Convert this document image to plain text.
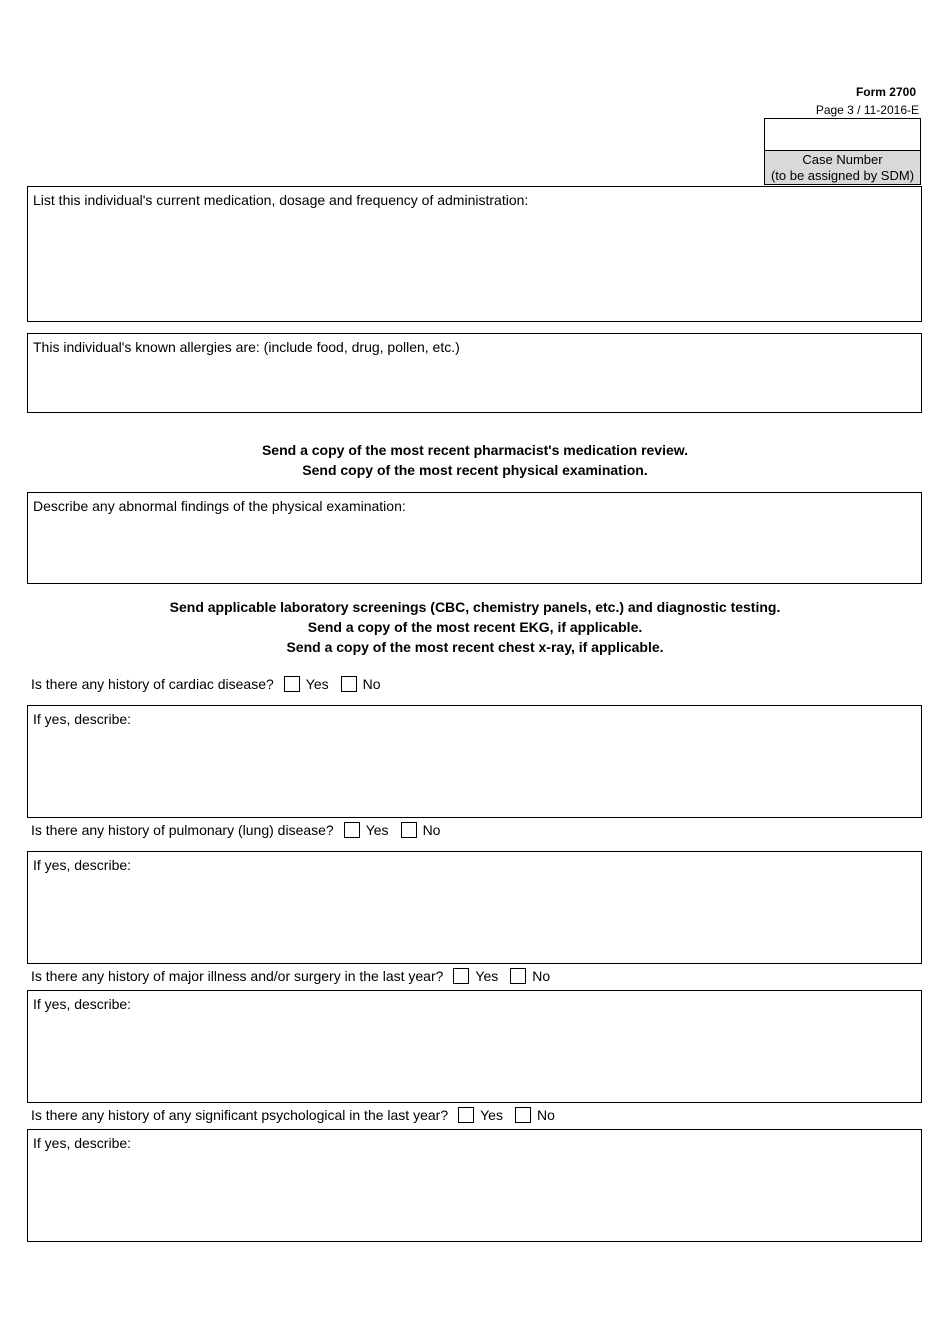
Form 2700
Page 3 / 11-2016-E
Case Number
(to be assigned by SDM)
List this individual's current medication, dosage and frequency of administration:
This individual's known allergies are: (include food, drug, pollen, etc.)
Send a copy of the most recent pharmacist's medication review.
Send copy of the most recent physical examination.
Describe any abnormal findings of the physical examination:
Send applicable laboratory screenings (CBC, chemistry panels, etc.) and diagnostic testing.
Send a copy of the most recent EKG, if applicable.
Send a copy of the most recent chest x-ray, if applicable.
Is there any history of cardiac disease? Yes No
If yes, describe:
Is there any history of pulmonary (lung) disease? Yes No
If yes, describe:
Is there any history of major illness and/or surgery in the last year? Yes No
If yes, describe:
Is there any history of any significant psychological in the last year? Yes No
If yes, describe:
